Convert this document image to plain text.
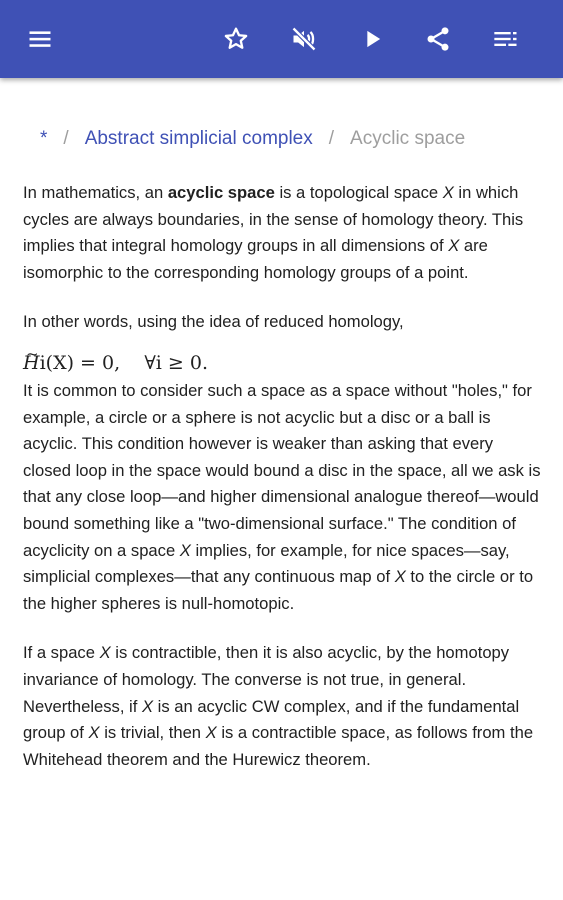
* / Abstract simplicial complex / Acyclic space

In mathematics, an acyclic space is a topological space X in which cycles are always boundaries, in the sense of homology theory. This implies that integral homology groups in all dimensions of X are isomorphic to the corresponding homology groups of a point.

In other words, using the idea of reduced homology,

~ Hi(X) = 0, ∀i ≥ 0.

It is common to consider such a space as a space without "holes," for example, a circle or a sphere is not acyclic but a disc or a ball is acyclic. This condition however is weaker than asking that every closed loop in the space would bound a disc in the space, all we ask is that any close loop—and higher dimensional analogue thereof—would bound something like a "two-dimensional surface." The condition of acyclicity on a space X implies, for example, for nice spaces—say, simplicial complexes—that any continuous map of X to the circle or to the higher spheres is null-homotopic.

If a space X is contractible, then it is also acyclic, by the homotopy invariance of homology. The converse is not true, in general. Nevertheless, if X is an acyclic CW complex, and if the fundamental group of X is trivial, then X is a contractible space, as follows from the Whitehead theorem and the Hurewicz theorem.
